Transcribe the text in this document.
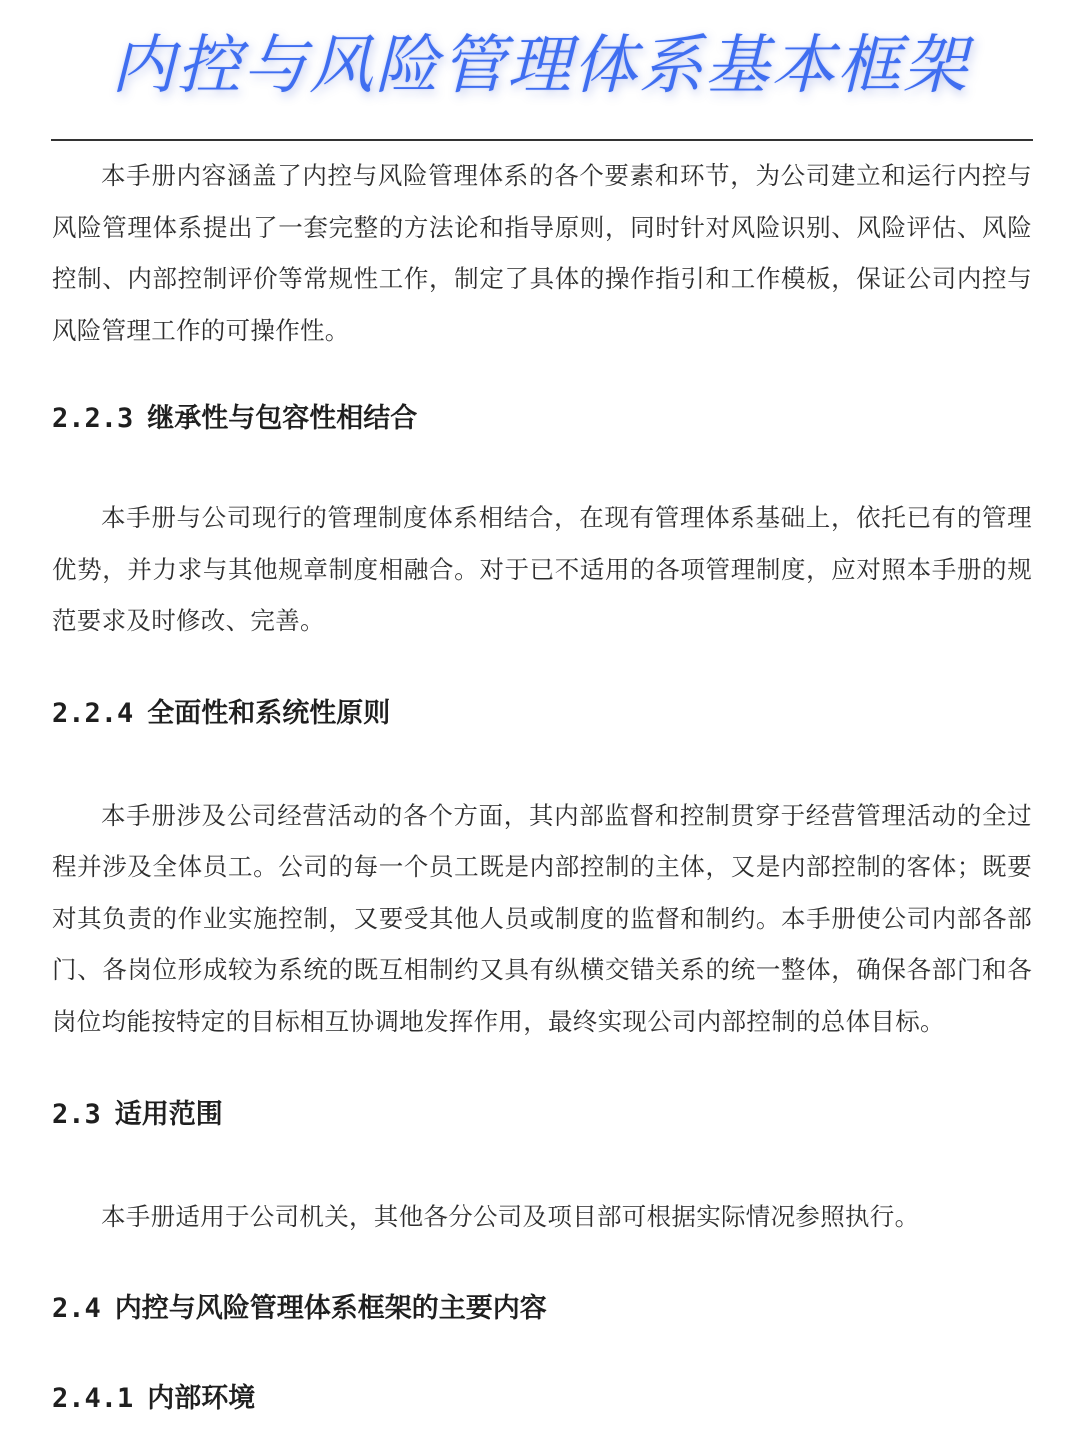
内控与风险管理体系基本框架

本手册内容涵盖了内控与风险管理体系的各个要素和环节，为公司建立和运行内控与风险管理体系提出了一套完整的方法论和指导原则，同时针对风险识别、风险评估、风险控制、内部控制评价等常规性工作，制定了具体的操作指引和工作模板，保证公司内控与风险管理工作的可操作性。

2.2.3 继承性与包容性相结合

本手册与公司现行的管理制度体系相结合，在现有管理体系基础上，依托已有的管理优势，并力求与其他规章制度相融合。对于已不适用的各项管理制度，应对照本手册的规范要求及时修改、完善。

2.2.4 全面性和系统性原则

本手册涉及公司经营活动的各个方面，其内部监督和控制贯穿于经营管理活动的全过程并涉及全体员工。公司的每一个员工既是内部控制的主体，又是内部控制的客体；既要对其负责的作业实施控制，又要受其他人员或制度的监督和制约。本手册使公司内部各部门、各岗位形成较为系统的既互相制约又具有纵横交错关系的统一整体，确保各部门和各岗位均能按特定的目标相互协调地发挥作用，最终实现公司内部控制的总体目标。

2.3 适用范围

本手册适用于公司机关，其他各分公司及项目部可根据实际情况参照执行。

2.4 内控与风险管理体系框架的主要内容
2.4.1 内部环境
